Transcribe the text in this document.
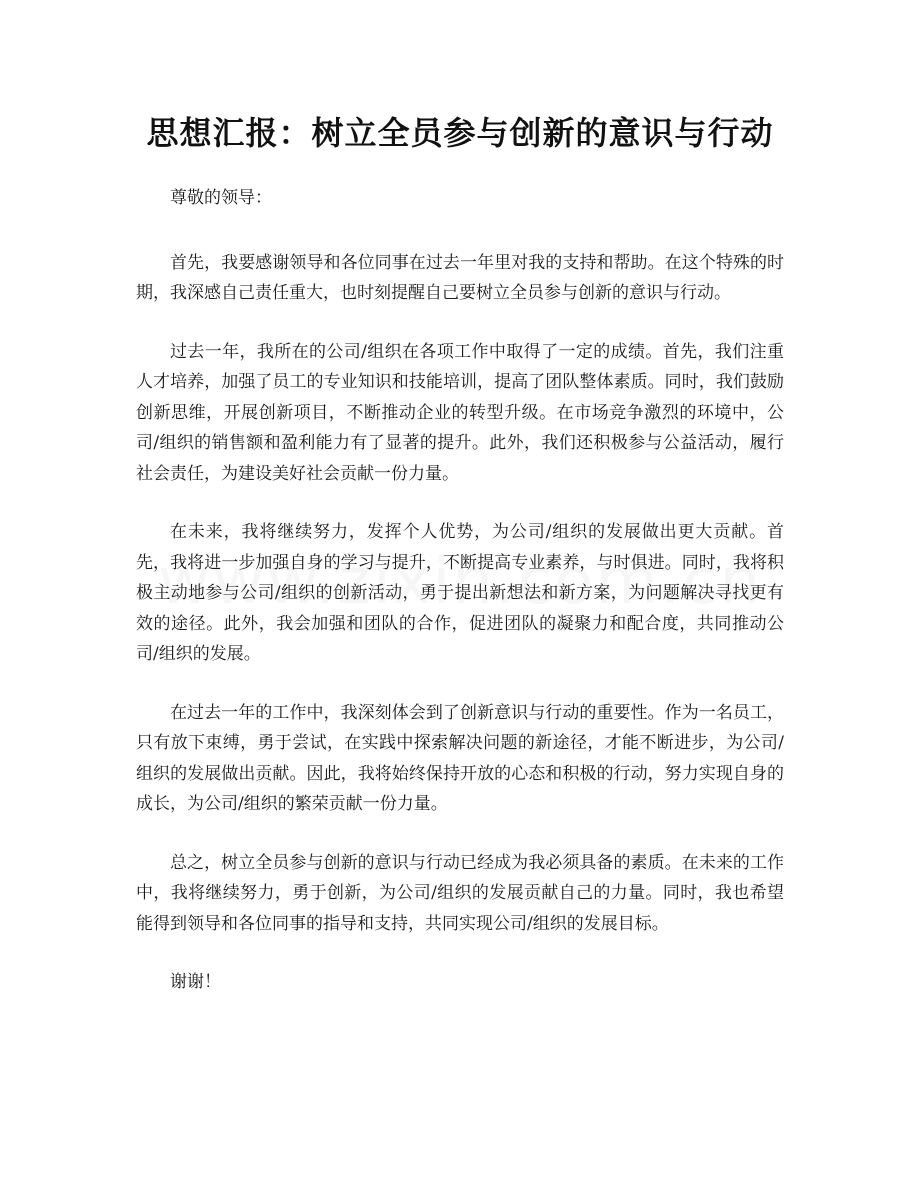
思想汇报：树立全员参与创新的意识与行动

尊敬的领导：

首先，我要感谢领导和各位同事在过去一年里对我的支持和帮助。在这个特殊的时期，我深感自己责任重大，也时刻提醒自己要树立全员参与创新的意识与行动。

过去一年，我所在的公司/组织在各项工作中取得了一定的成绩。首先，我们注重人才培养，加强了员工的专业知识和技能培训，提高了团队整体素质。同时，我们鼓励创新思维，开展创新项目，不断推动企业的转型升级。在市场竞争激烈的环境中，公司/组织的销售额和盈利能力有了显著的提升。此外，我们还积极参与公益活动，履行社会责任，为建设美好社会贡献一份力量。

在未来，我将继续努力，发挥个人优势，为公司/组织的发展做出更大贡献。首先，我将进一步加强自身的学习与提升，不断提高专业素养，与时俱进。同时，我将积极主动地参与公司/组织的创新活动，勇于提出新想法和新方案，为问题解决寻找更有效的途径。此外，我会加强和团队的合作，促进团队的凝聚力和配合度，共同推动公司/组织的发展。

在过去一年的工作中，我深刻体会到了创新意识与行动的重要性。作为一名员工，只有放下束缚，勇于尝试，在实践中探索解决问题的新途径，才能不断进步，为公司/组织的发展做出贡献。因此，我将始终保持开放的心态和积极的行动，努力实现自身的成长，为公司/组织的繁荣贡献一份力量。

总之，树立全员参与创新的意识与行动已经成为我必须具备的素质。在未来的工作中，我将继续努力，勇于创新，为公司/组织的发展贡献自己的力量。同时，我也希望能得到领导和各位同事的指导和支持，共同实现公司/组织的发展目标。

谢谢！
